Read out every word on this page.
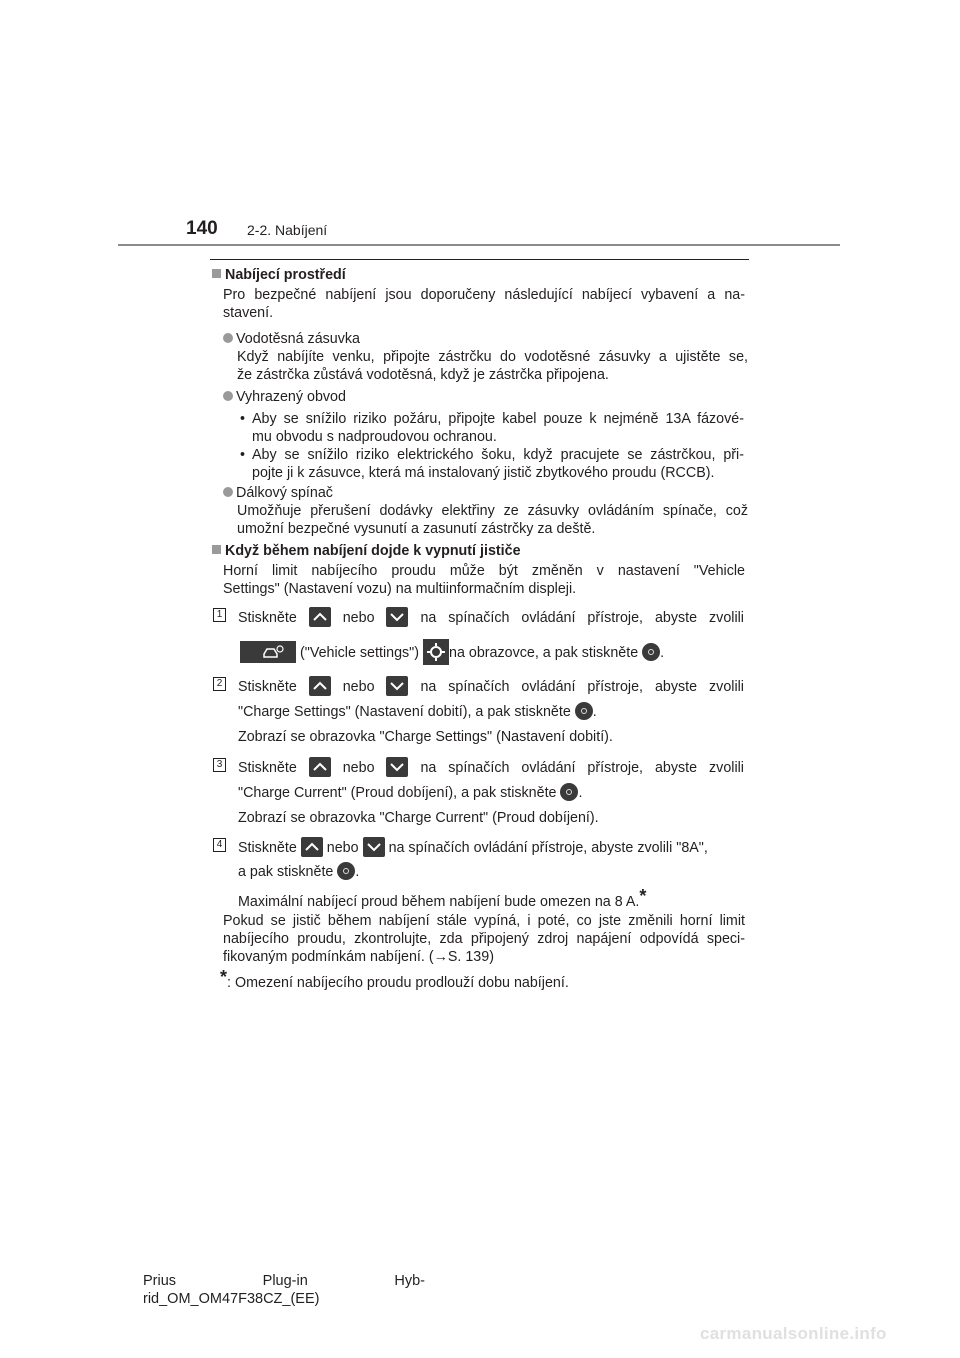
140 2-2. Nabíjení
Nabíjecí prostředí
Pro bezpečné nabíjení jsou doporučeny následující nabíjecí vybavení a na-
stavení.
Vodotěsná zásuvka
Když nabíjíte venku, připojte zástrčku do vodotěsné zásuvky a ujistěte se,
že zástrčka zůstává vodotěsná, když je zástrčka připojena.
Vyhrazený obvod
• Aby se snížilo riziko požáru, připojte kabel pouze k nejméně 13A fázové-
mu obvodu s nadproudovou ochranou.
• Aby se snížilo riziko elektrického šoku, když pracujete se zástrčkou, při-
pojte ji k zásuvce, která má instalovaný jistič zbytkového proudu (RCCB).
Dálkový spínač
Umožňuje přerušení dodávky elektřiny ze zásuvky ovládáním spínače, což
umožní bezpečné vysunutí a zasunutí zástrčky za deště.
Když během nabíjení dojde k vypnutí jističe
Horní limit nabíjecího proudu může být změněn v nastavení "Vehicle
Settings" (Nastavení vozu) na multiinformačním displeji.
1 Stiskněte	nebo	na spínačích ovládání přístroje, abyste zvolili
("Vehicle settings") na obrazovce, a pak stiskněte .
2 Stiskněte	nebo	na spínačích ovládání přístroje, abyste zvolili
"Charge Settings" (Nastavení dobití), a pak stiskněte .
Zobrazí se obrazovka "Charge Settings" (Nastavení dobití).
3 Stiskněte	nebo	na spínačích ovládání přístroje, abyste zvolili
"Charge Current" (Proud dobíjení), a pak stiskněte .
Zobrazí se obrazovka "Charge Current" (Proud dobíjení).
4 Stiskněte nebo na spínačích ovládání přístroje, abyste zvolili "8A",
a pak stiskněte .
Maximální nabíjecí proud během nabíjení bude omezen na 8 A.*
Pokud se jistič během nabíjení stále vypíná, i poté, co jste změnili horní limit
nabíjecího proudu, zkontrolujte, zda připojený zdroj napájení odpovídá speci-
fikovaným podmínkám nabíjení. (→S. 139)
*: Omezení nabíjecího proudu prodlouží dobu nabíjení.
Prius Plug-in Hyb-
rid_OM_OM47F38CZ_(EE)
carmanualsonline.info
